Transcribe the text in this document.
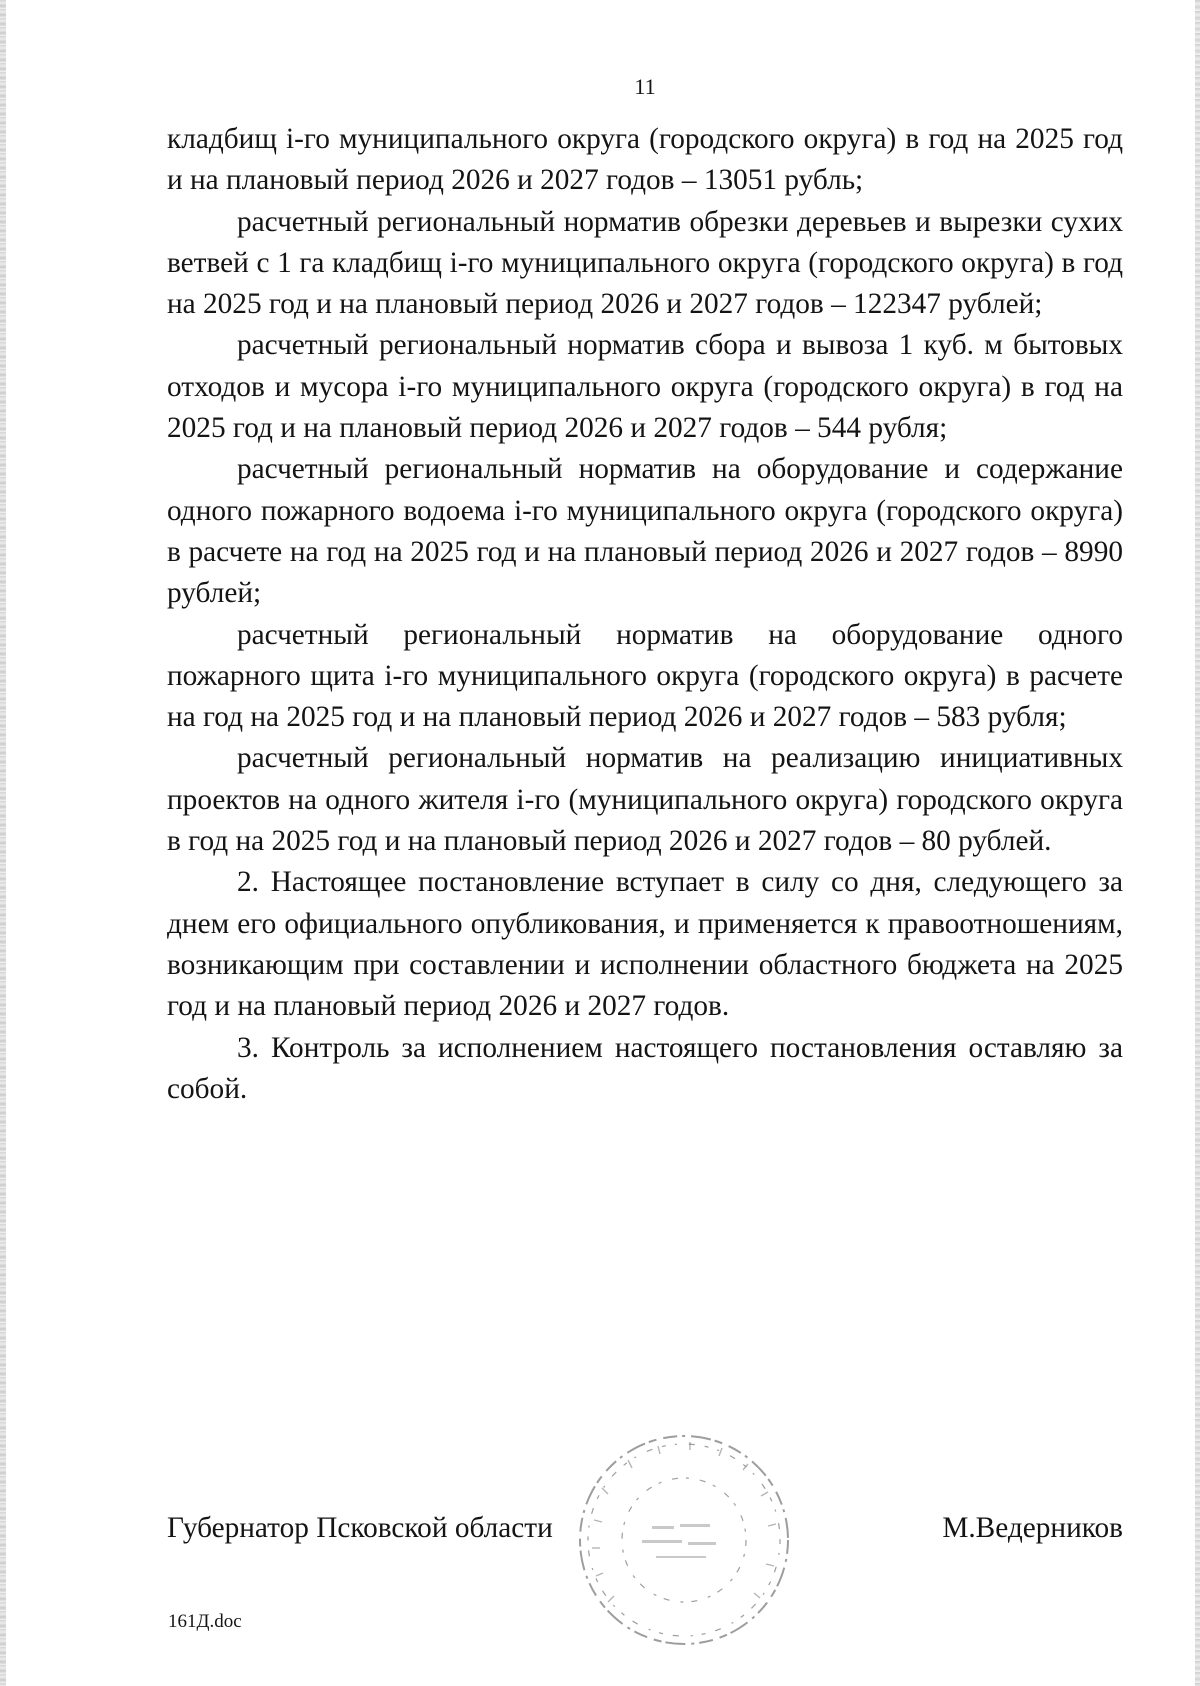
11

кладбищ i-го муниципального округа (городского округа) в год на 2025 год и на плановый период 2026 и 2027 годов – 13051 рубль;

расчетный региональный норматив обрезки деревьев и вырезки сухих ветвей с 1 га кладбищ i-го муниципального округа (городского округа) в год на 2025 год и на плановый период 2026 и 2027 годов – 122347 рублей;

расчетный региональный норматив сбора и вывоза 1 куб. м бытовых отходов и мусора i-го муниципального округа (городского округа) в год на 2025 год и на плановый период 2026 и 2027 годов – 544 рубля;

расчетный региональный норматив на оборудование и содержание одного пожарного водоема i-го муниципального округа (городского округа) в расчете на год на 2025 год и на плановый период 2026 и 2027 годов – 8990 рублей;

расчетный региональный норматив на оборудование одного пожарного щита i-го муниципального округа (городского округа) в расчете на год на 2025 год и на плановый период 2026 и 2027 годов – 583 рубля;

расчетный региональный норматив на реализацию инициативных проектов на одного жителя i-го (муниципального округа) городского округа в год на 2025 год и на плановый период 2026 и 2027 годов – 80 рублей.

2. Настоящее постановление вступает в силу со дня, следующего за днем его официального опубликования, и применяется к правоотношениям, возникающим при составлении и исполнении областного бюджета на 2025 год и на плановый период 2026 и 2027 годов.

3. Контроль за исполнением настоящего постановления оставляю за собой.

Губернатор Псковской области	М.Ведерников
161Д.doc
